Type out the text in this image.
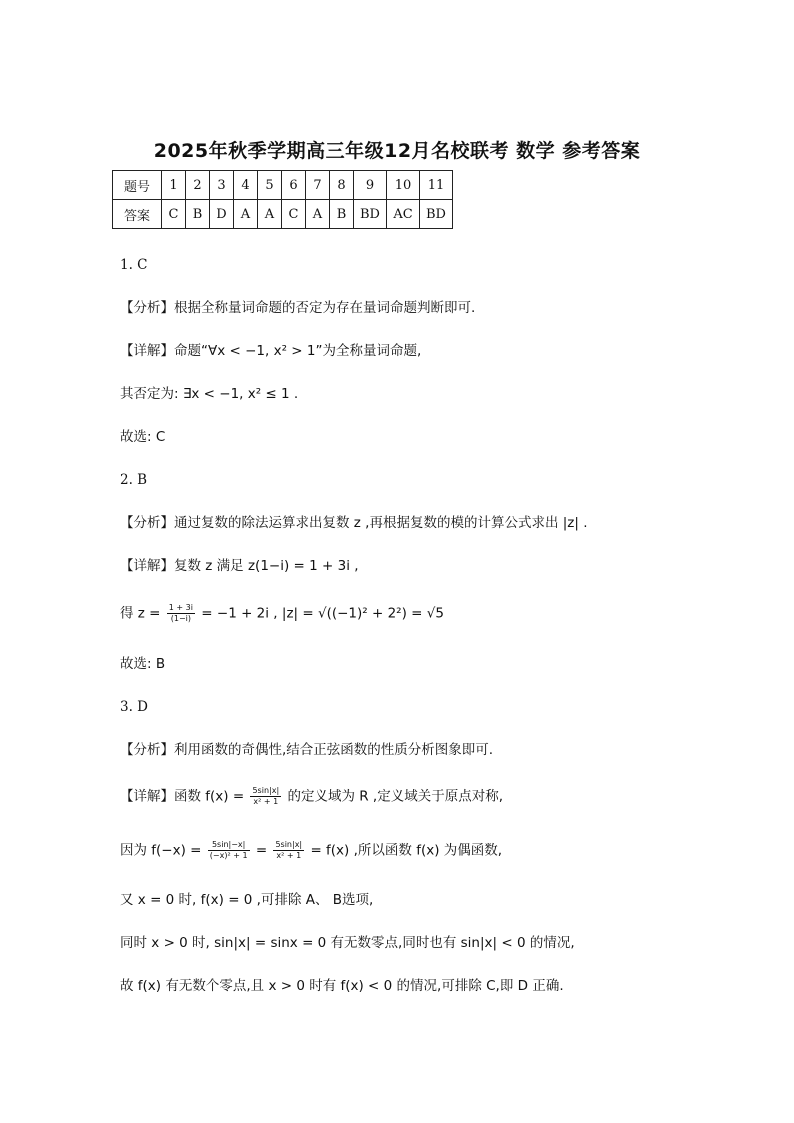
2025年秋季学期高三年级12月名校联考 数学 参考答案
题号	1	2	3	4	5	6	7	8	9	10	11
答案	C	B	D	A	A	C	A	B	BD	AC	BD
1. C
【分析】根据全称量词命题的否定为存在量词命题判断即可.
【详解】命题“∀x < −1, x² > 1”为全称量词命题,
其否定为: ∃x < −1, x² ≤ 1 .
故选: C
2. B
【分析】通过复数的除法运算求出复数 z ,再根据复数的模的计算公式求出 |z| .
【详解】复数 z 满足 z(1−i) = 1 + 3i ,
得 $z = \frac{1 + 3i}{(1-i)} = -1 + 2i$ , |z| = √((−1)² + 2²) = √5
故选: B
3. D
【分析】利用函数的奇偶性,结合正弦函数的性质分析图象即可.
【详解】函数 $f(x) = \frac{5\sin|x|}{\text{x² + 1}}$ 的定义域为 R ,定义域关于原点对称,
因为 $f(-x) = \frac{5\sin|-x|}{\text{(−x)² + 1}} = \frac{5\sin|x|}{\text{x² + 1}} = f(x)$ ,所以函数 f(x) 为偶函数,
又 x = 0 时, f(x) = 0 ,可排除 A、 B选项,
同时 x > 0 时, sin|x| = sinx = 0 有无数零点,同时也有 sin|x| < 0 的情况,
故 f(x) 有无数个零点,且 x > 0 时有 f(x) < 0 的情况,可排除 C,即 D 正确.
